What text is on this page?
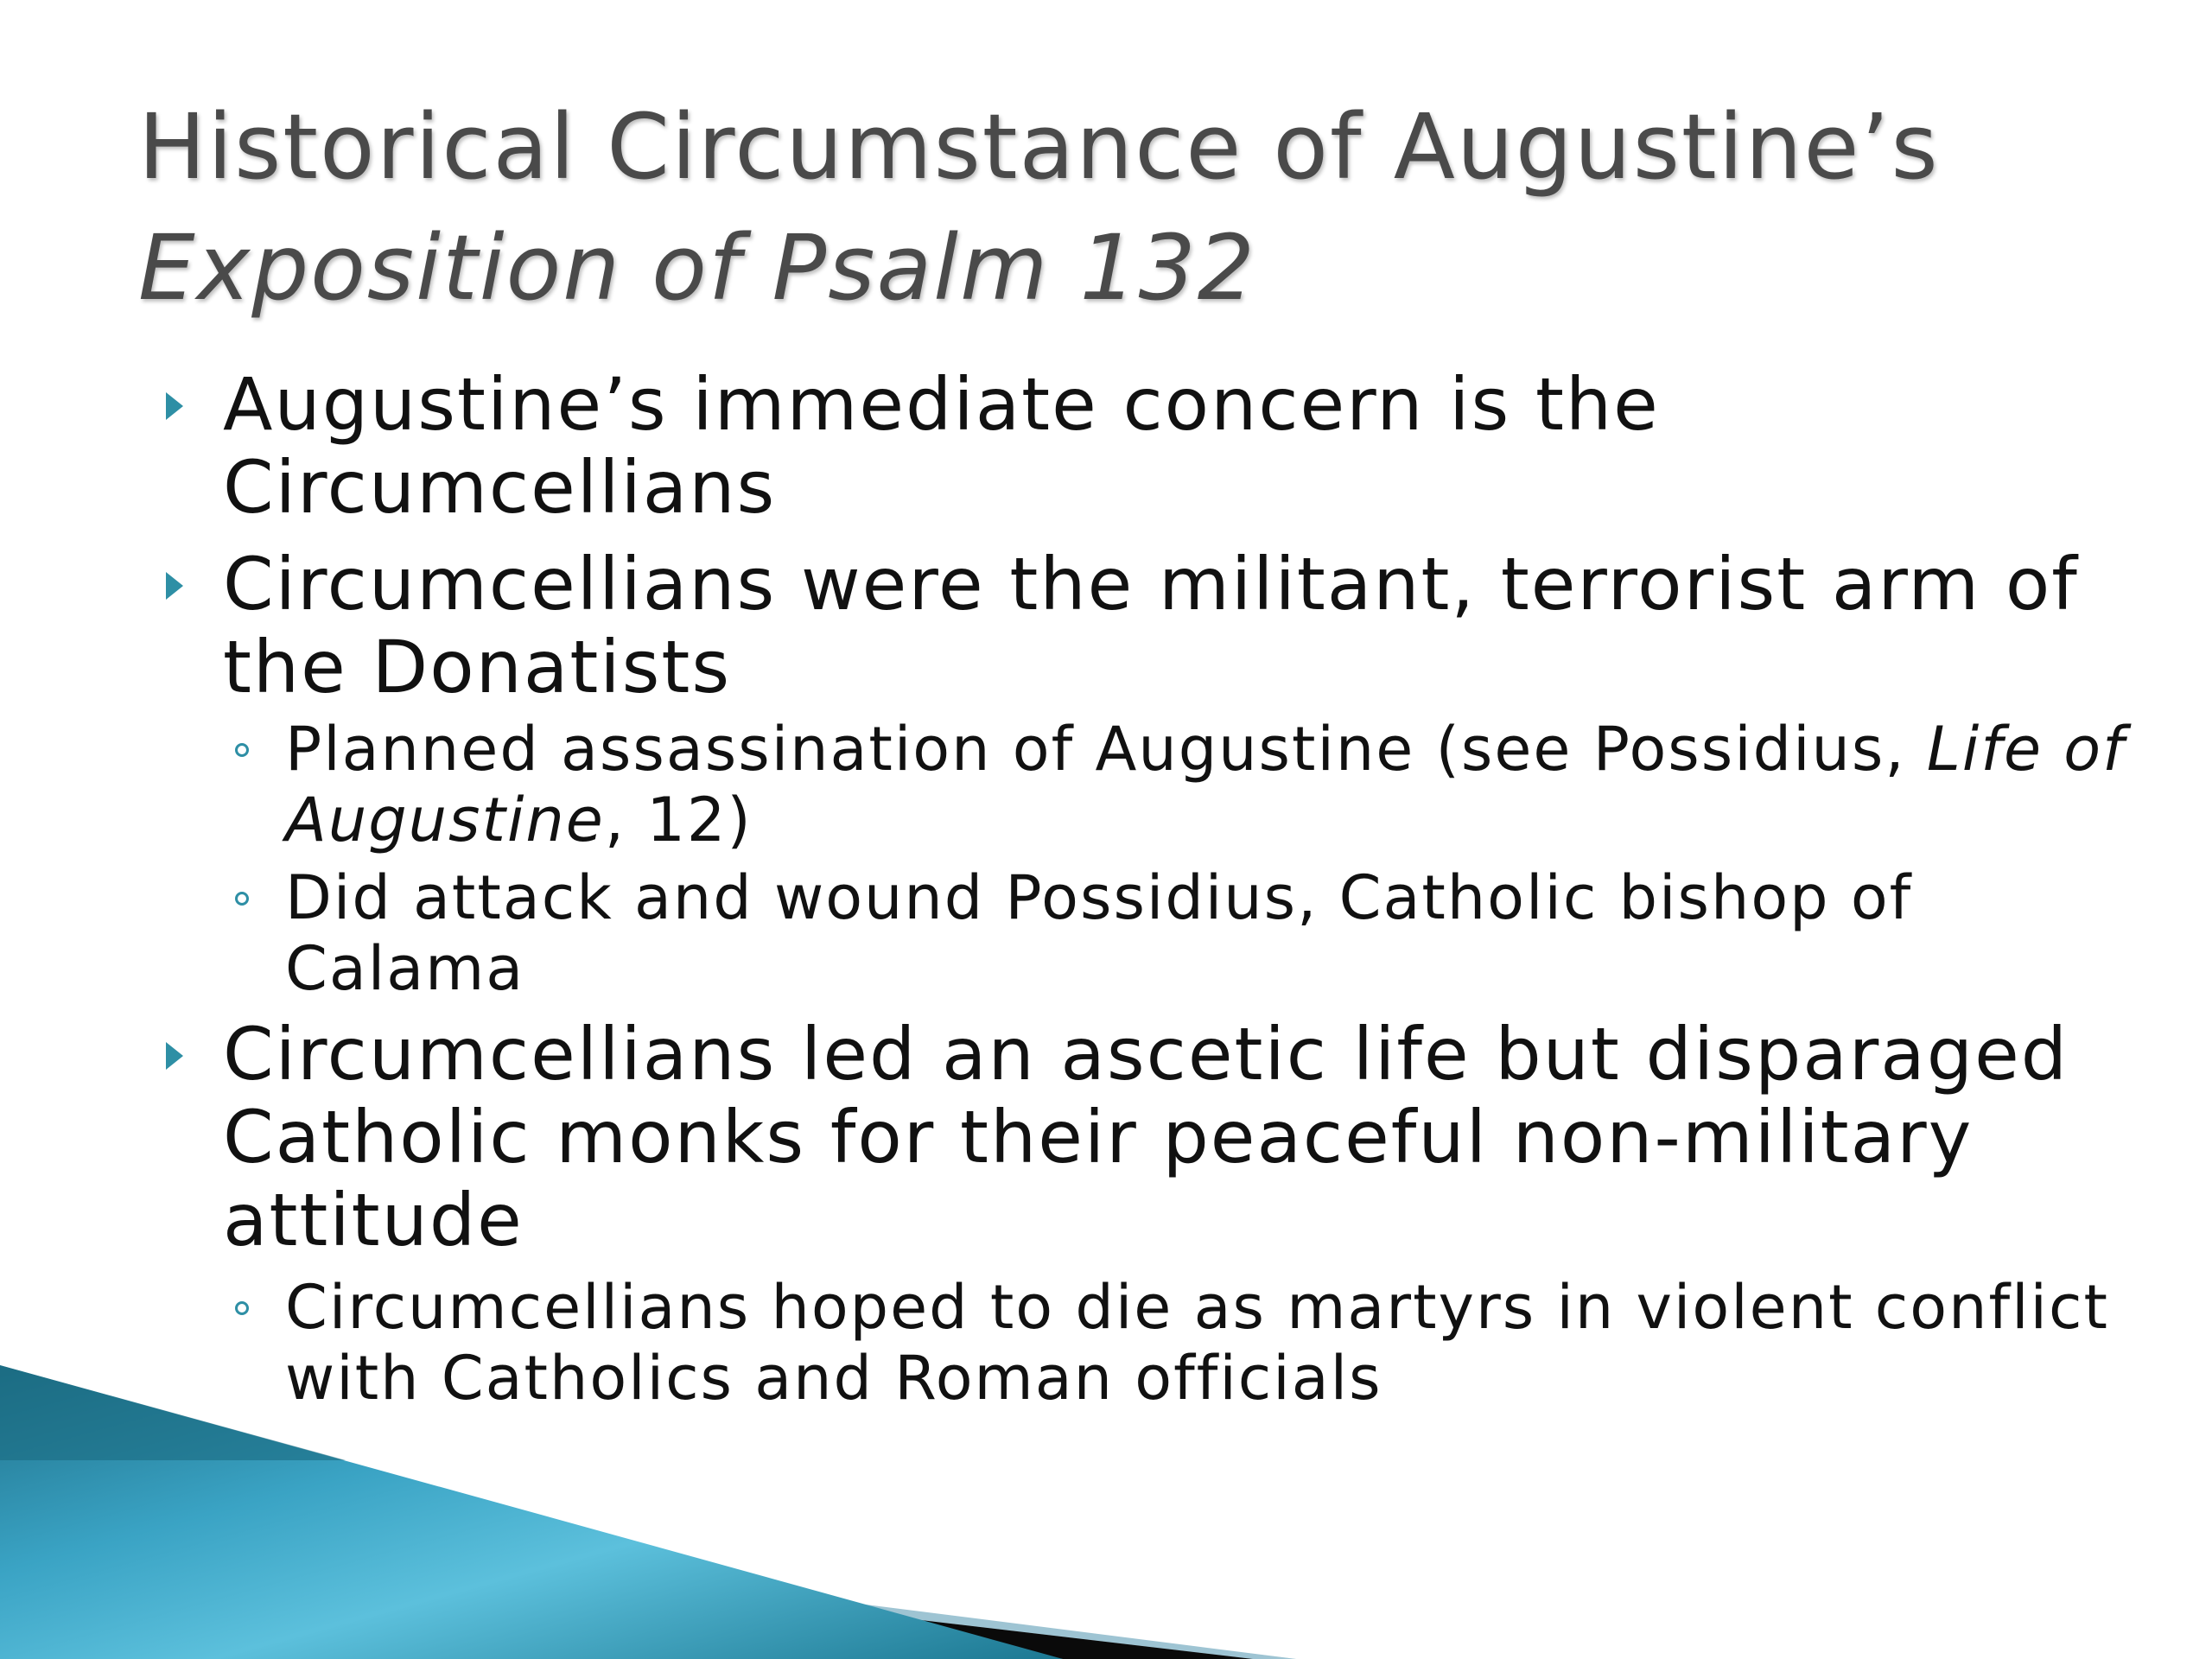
Historical Circumstance of Augustine’s
Exposition of Psalm 132
Augustine’s immediate concern is the Circumcellians
Circumcellians were the militant, terrorist arm of the Donatists
Planned assassination of Augustine (see Possidius, Life of Augustine, 12)
Did attack and wound Possidius, Catholic bishop of Calama
Circumcellians led an ascetic life but disparaged Catholic monks for their peaceful non-military attitude
Circumcellians hoped to die as martyrs in violent conflict with Catholics and Roman officials
